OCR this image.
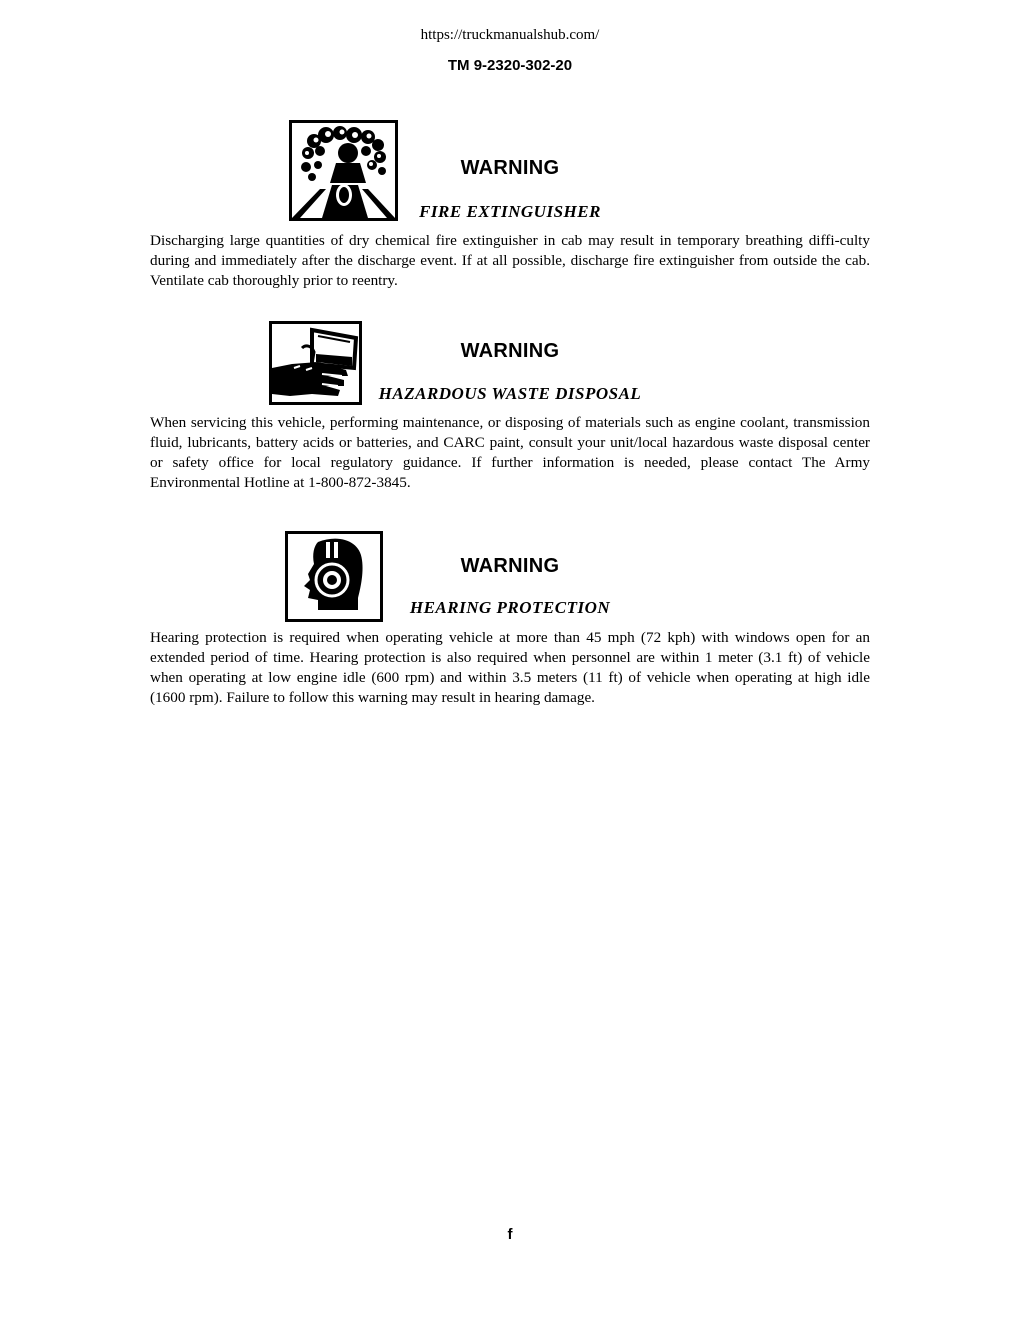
https://truckmanualshub.com/
TM 9-2320-302-20
WARNING
FIRE EXTINGUISHER

Discharging large quantities of dry chemical fire extinguisher in cab may result in temporary breathing diffi-culty during and immediately after the discharge event. If at all possible, discharge fire extinguisher from outside the cab. Ventilate cab thoroughly prior to reentry.

WARNING
HAZARDOUS WASTE DISPOSAL

When servicing this vehicle, performing maintenance, or disposing of materials such as engine coolant, transmission fluid, lubricants, battery acids or batteries, and CARC paint, consult your unit/local hazardous waste disposal center or safety office for local regulatory guidance. If further information is needed, please contact The Army Environmental Hotline at 1-800-872-3845.

WARNING
HEARING PROTECTION

Hearing protection is required when operating vehicle at more than 45 mph (72 kph) with windows open for an extended period of time. Hearing protection is also required when personnel are within 1 meter (3.1 ft) of vehicle when operating at low engine idle (600 rpm) and within 3.5 meters (11 ft) of vehicle when operating at high idle (1600 rpm). Failure to follow this warning may result in hearing damage.

f
